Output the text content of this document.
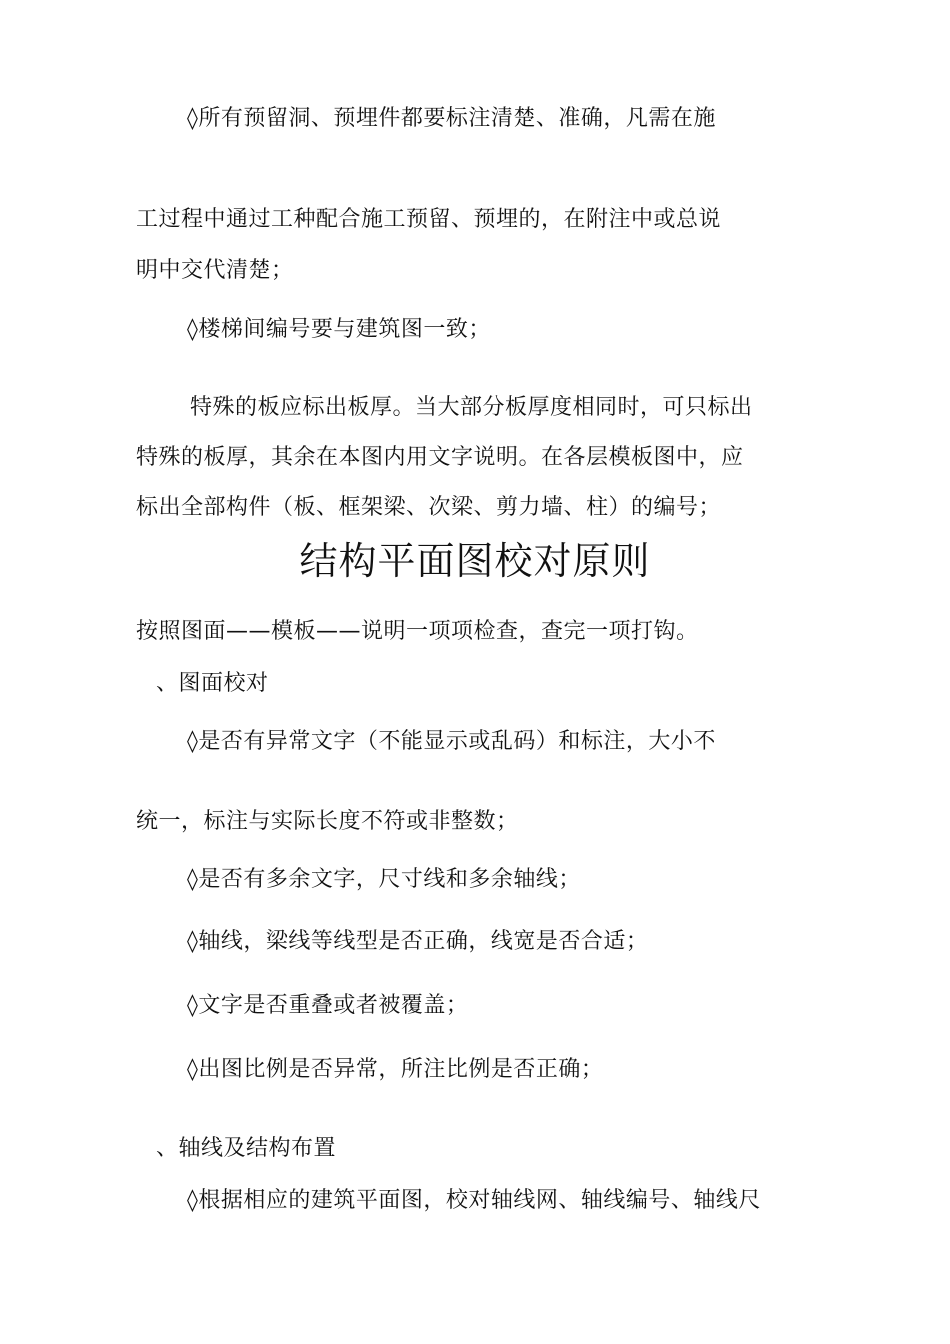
◊所有预留洞、预埋件都要标注清楚、准确，凡需在施
工过程中通过工种配合施工预留、预埋的，在附注中或总说
明中交代清楚；
◊楼梯间编号要与建筑图一致；
特殊的板应标出板厚。当大部分板厚度相同时，可只标出
特殊的板厚，其余在本图内用文字说明。在各层模板图中，应
标出全部构件（板、框架梁、次梁、剪力墙、柱）的编号；
结构平面图校对原则
按照图面——模板——说明一项项检查，查完一项打钩。
、图面校对
◊是否有异常文字（不能显示或乱码）和标注，大小不
统一，标注与实际长度不符或非整数；
◊是否有多余文字，尺寸线和多余轴线；
◊轴线，梁线等线型是否正确，线宽是否合适；
◊文字是否重叠或者被覆盖；
◊出图比例是否异常，所注比例是否正确；
、轴线及结构布置
◊根据相应的建筑平面图，校对轴线网、轴线编号、轴线尺
